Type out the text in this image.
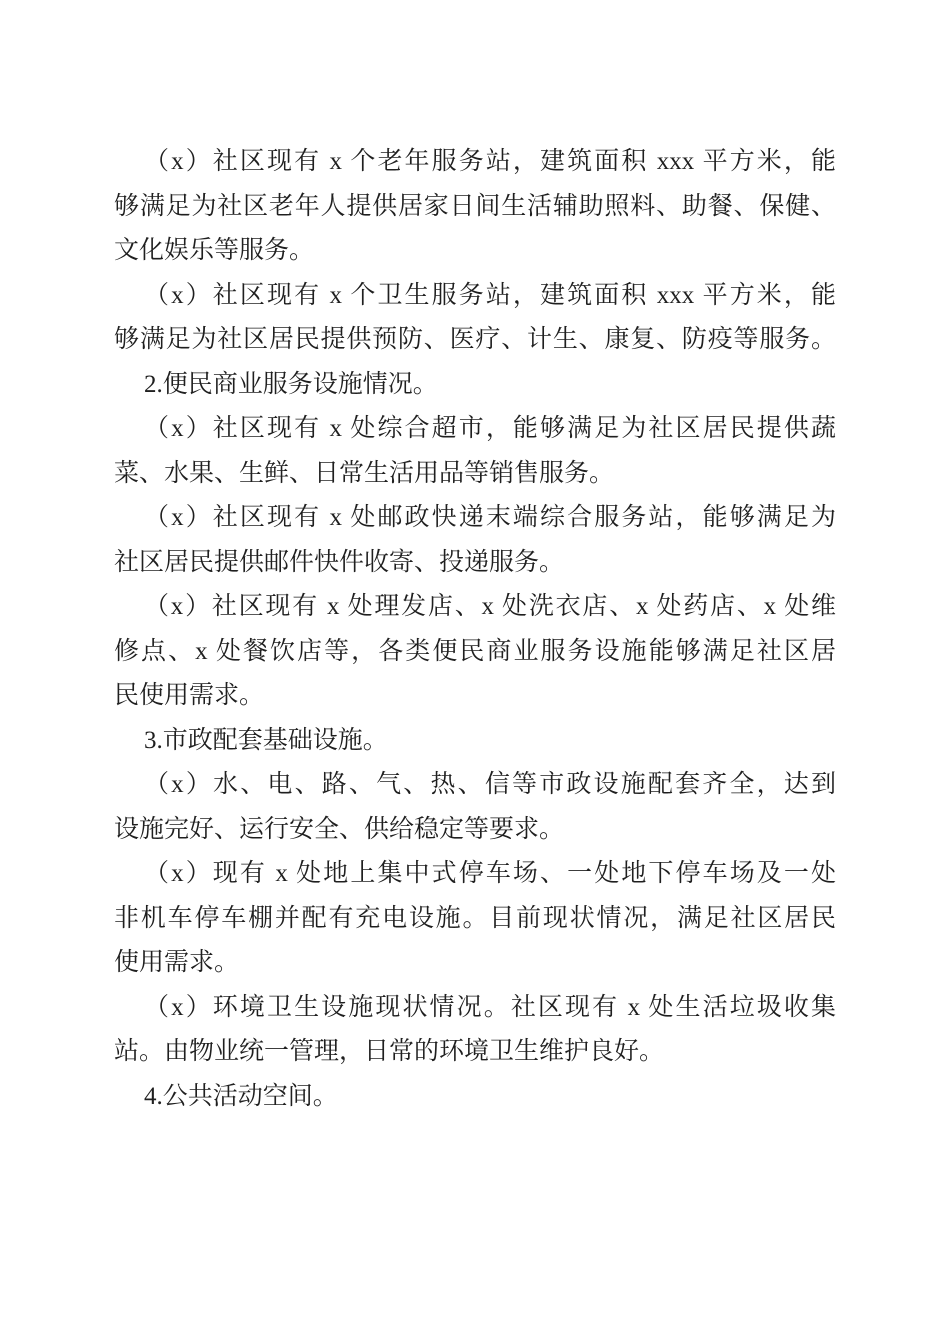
（x）社区现有 x 个老年服务站，建筑面积 xxx 平方米，能
够满足为社区老年人提供居家日间生活辅助照料、助餐、保健、
文化娱乐等服务。
（x）社区现有 x 个卫生服务站，建筑面积 xxx 平方米，能
够满足为社区居民提供预防、医疗、计生、康复、防疫等服务。
2.便民商业服务设施情况。
（x）社区现有 x 处综合超市，能够满足为社区居民提供蔬
菜、水果、生鲜、日常生活用品等销售服务。
（x）社区现有 x 处邮政快递末端综合服务站，能够满足为
社区居民提供邮件快件收寄、投递服务。
（x）社区现有 x 处理发店、x 处洗衣店、x 处药店、x 处维
修点、x 处餐饮店等，各类便民商业服务设施能够满足社区居
民使用需求。
3.市政配套基础设施。
（x）水、电、路、气、热、信等市政设施配套齐全，达到
设施完好、运行安全、供给稳定等要求。
（x）现有 x 处地上集中式停车场、一处地下停车场及一处
非机车停车棚并配有充电设施。目前现状情况，满足社区居民
使用需求。
（x）环境卫生设施现状情况。社区现有 x 处生活垃圾收集
站。由物业统一管理，日常的环境卫生维护良好。
4.公共活动空间。
